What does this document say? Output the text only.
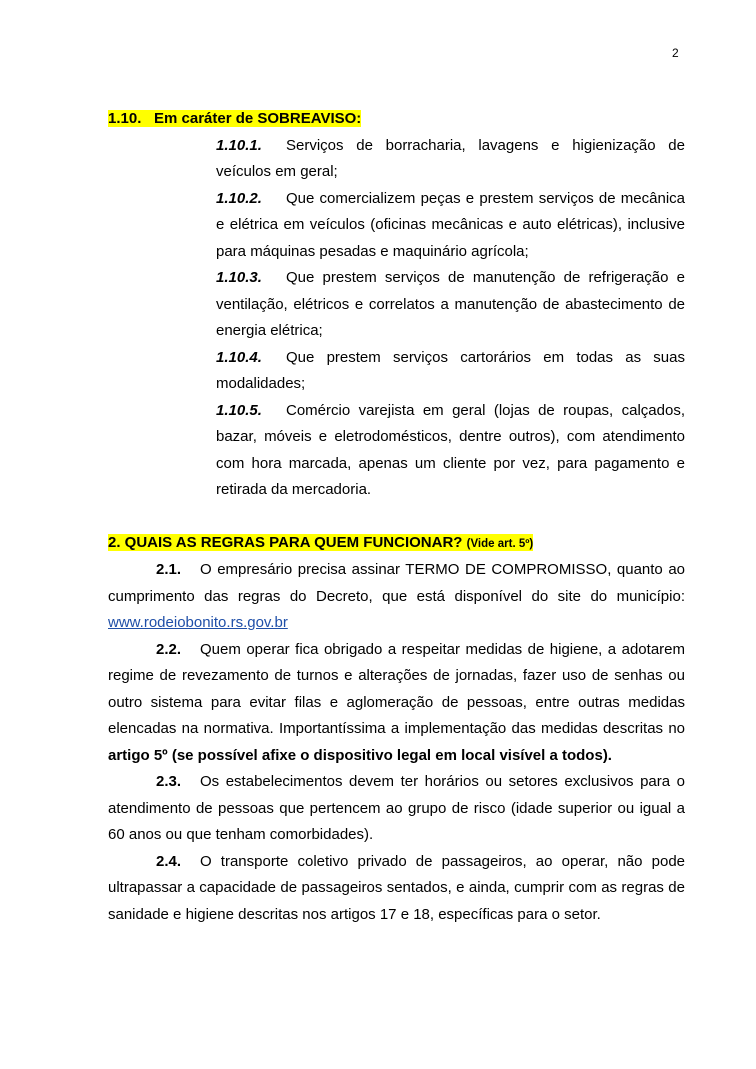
2

1.10. Em caráter de SOBREAVISO:

1.10.1. Serviços de borracharia, lavagens e higienização de veículos em geral;

1.10.2. Que comercializem peças e prestem serviços de mecânica e elétrica em veículos (oficinas mecânicas e auto elétricas), inclusive para máquinas pesadas e maquinário agrícola;

1.10.3. Que prestem serviços de manutenção de refrigeração e ventilação, elétricos e correlatos a manutenção de abastecimento de energia elétrica;

1.10.4. Que prestem serviços cartorários em todas as suas modalidades;

1.10.5. Comércio varejista em geral (lojas de roupas, calçados, bazar, móveis e eletrodomésticos, dentre outros), com atendimento com hora marcada, apenas um cliente por vez, para pagamento e retirada da mercadoria.

2. QUAIS AS REGRAS PARA QUEM FUNCIONAR? (Vide art. 5º)

2.1. O empresário precisa assinar TERMO DE COMPROMISSO, quanto ao cumprimento das regras do Decreto, que está disponível do site do município: www.rodeiobonito.rs.gov.br

2.2. Quem operar fica obrigado a respeitar medidas de higiene, a adotarem regime de revezamento de turnos e alterações de jornadas, fazer uso de senhas ou outro sistema para evitar filas e aglomeração de pessoas, entre outras medidas elencadas na normativa. Importantíssima a implementação das medidas descritas no artigo 5º (se possível afixe o dispositivo legal em local visível a todos).

2.3. Os estabelecimentos devem ter horários ou setores exclusivos para o atendimento de pessoas que pertencem ao grupo de risco (idade superior ou igual a 60 anos ou que tenham comorbidades).

2.4. O transporte coletivo privado de passageiros, ao operar, não pode ultrapassar a capacidade de passageiros sentados, e ainda, cumprir com as regras de sanidade e higiene descritas nos artigos 17 e 18, específicas para o setor.
